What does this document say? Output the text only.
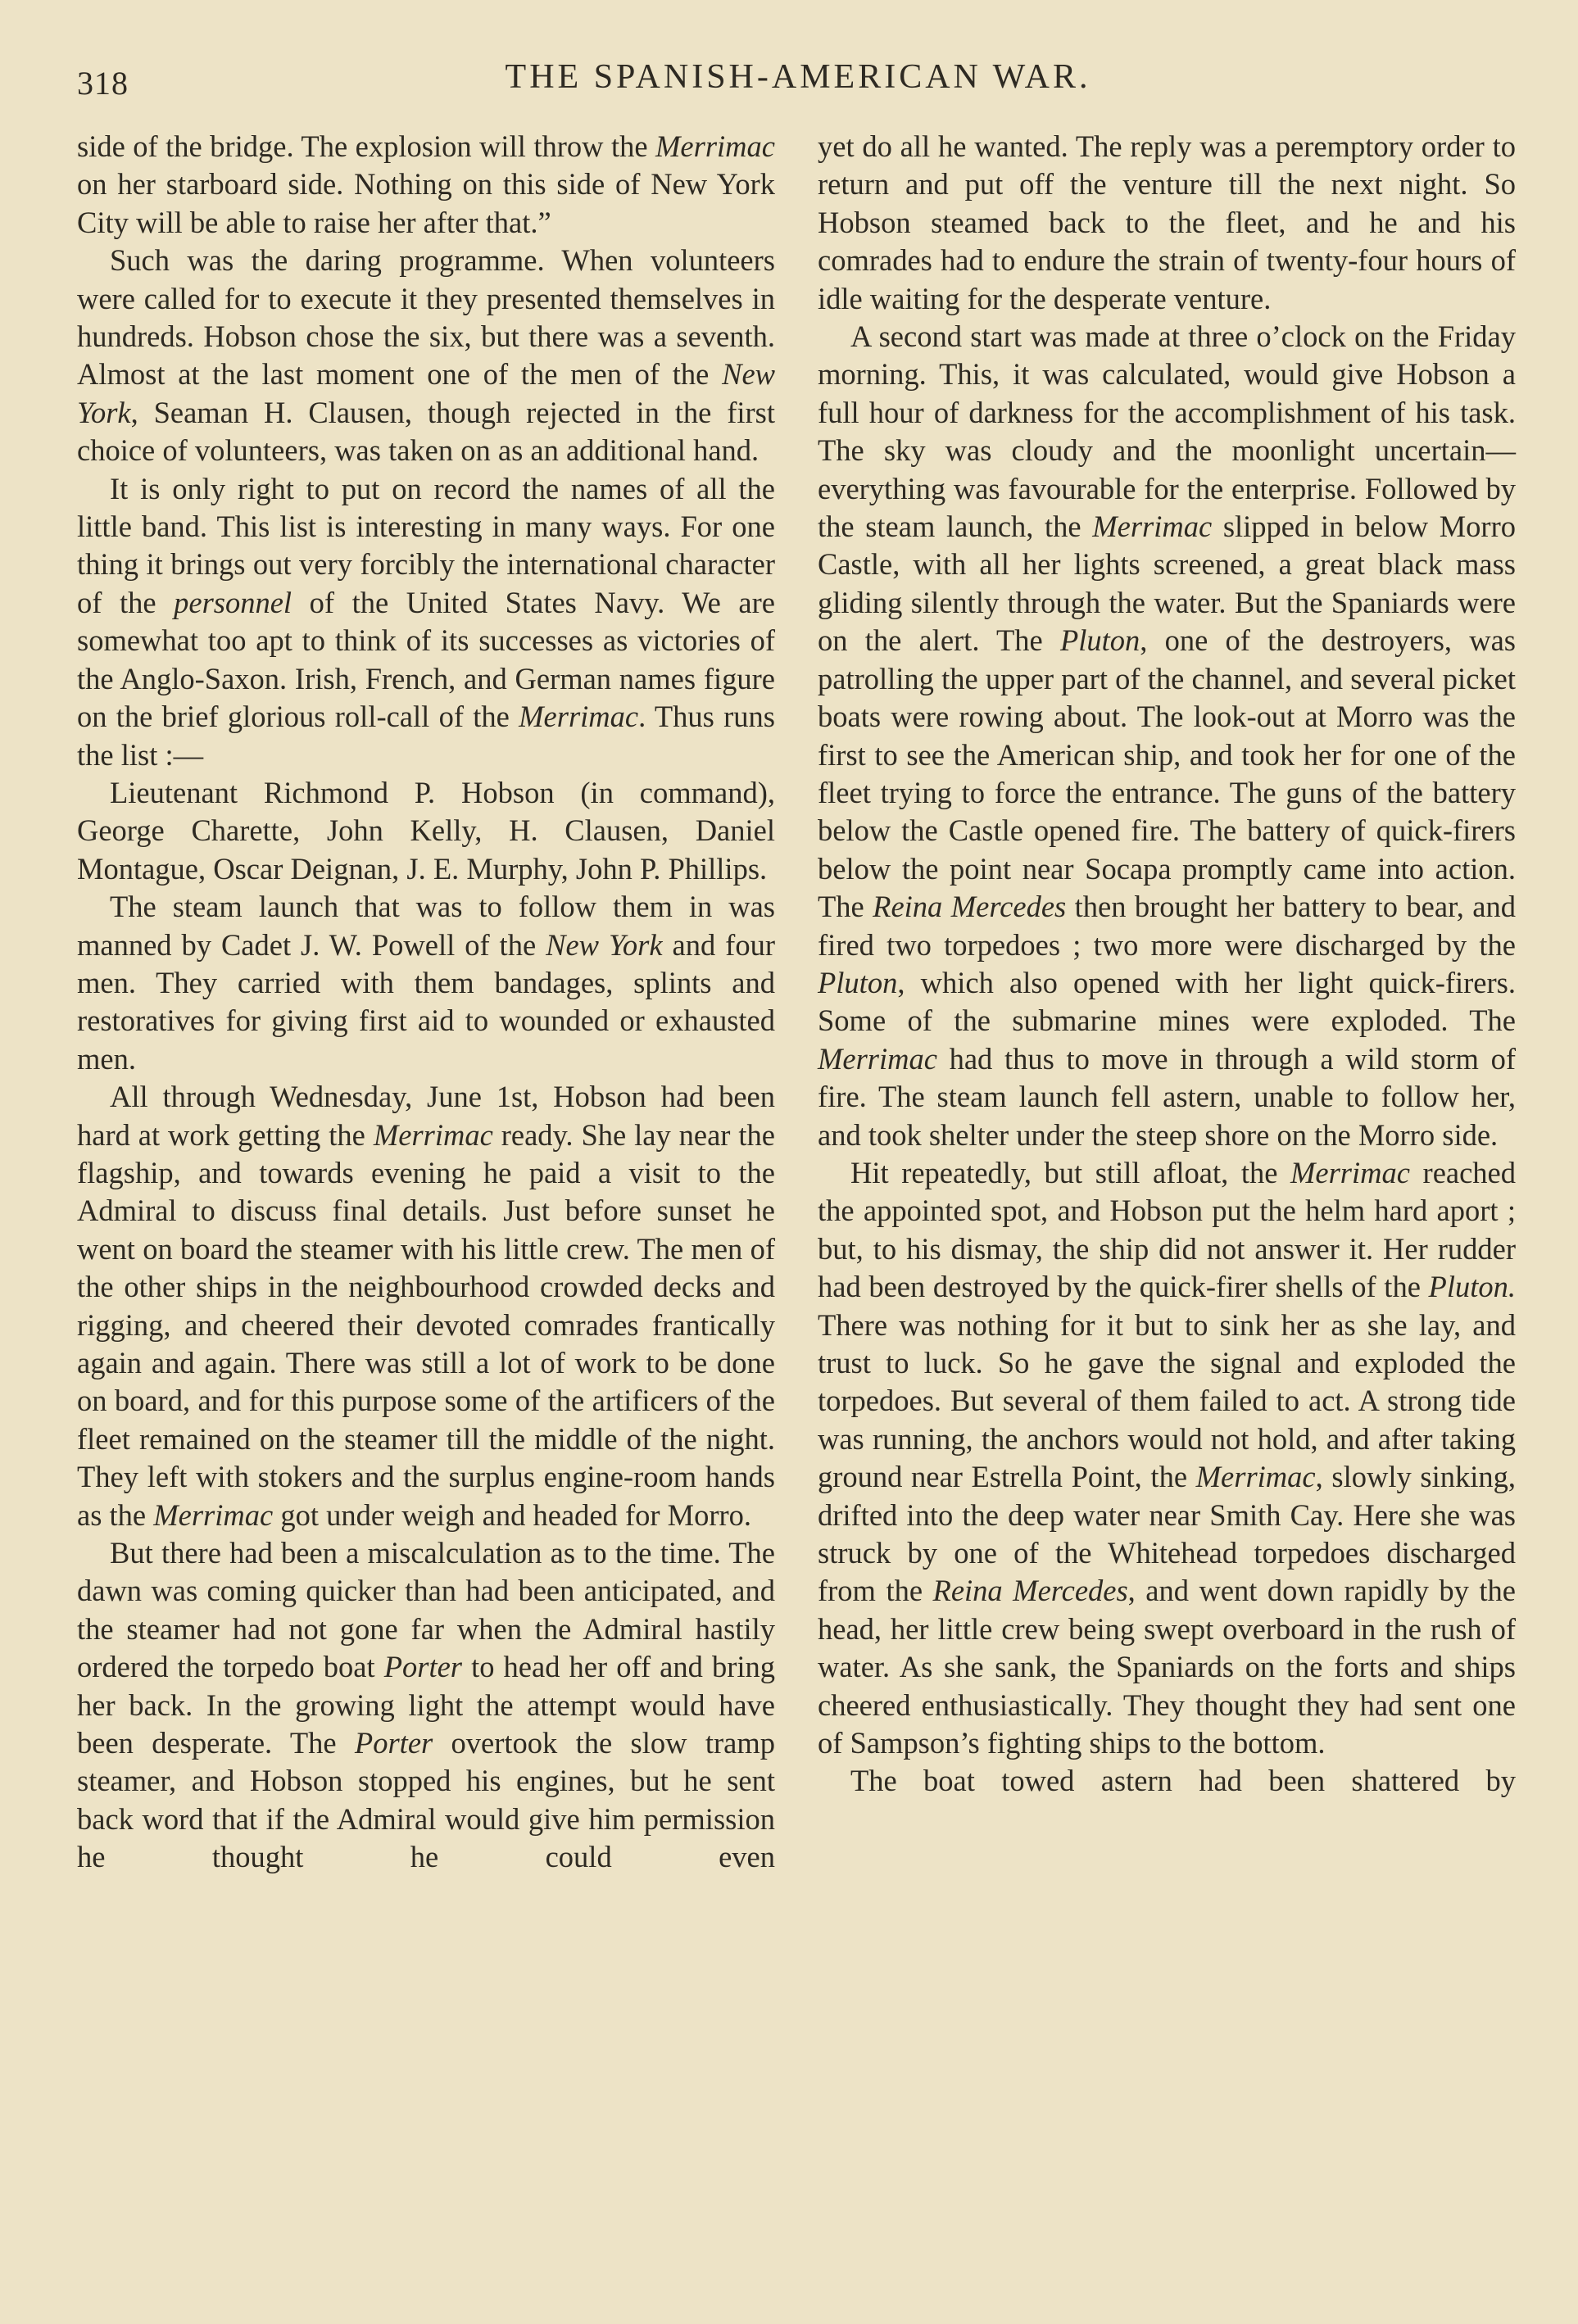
318	THE SPANISH-AMERICAN WAR.

side of the bridge. The explosion will throw the Merrimac on her starboard side. Nothing on this side of New York City will be able to raise her after that.”

Such was the daring programme. When volunteers were called for to execute it they presented themselves in hundreds. Hobson chose the six, but there was a seventh. Almost at the last moment one of the men of the New York, Seaman H. Clausen, though rejected in the first choice of volunteers, was taken on as an additional hand.

It is only right to put on record the names of all the little band. This list is interesting in many ways. For one thing it brings out very forcibly the international character of the personnel of the United States Navy. We are somewhat too apt to think of its successes as victories of the Anglo-Saxon. Irish, French, and German names figure on the brief glorious roll-call of the Merrimac. Thus runs the list :—

Lieutenant Richmond P. Hobson (in command), George Charette, John Kelly, H. Clausen, Daniel Montague, Oscar Deignan, J. E. Murphy, John P. Phillips.

The steam launch that was to follow them in was manned by Cadet J. W. Powell of the New York and four men. They carried with them bandages, splints and restoratives for giving first aid to wounded or exhausted men.

All through Wednesday, June 1st, Hobson had been hard at work getting the Merrimac ready. She lay near the flagship, and towards evening he paid a visit to the Admiral to discuss final details. Just before sunset he went on board the steamer with his little crew. The men of the other ships in the neighbourhood crowded decks and rigging, and cheered their devoted comrades frantically again and again. There was still a lot of work to be done on board, and for this purpose some of the artificers of the fleet remained on the steamer till the middle of the night. They left with stokers and the surplus engine-room hands as the Merrimac got under weigh and headed for Morro.

But there had been a miscalculation as to the time. The dawn was coming quicker than had been anticipated, and the steamer had not gone far when the Admiral hastily ordered the torpedo boat Porter to head her off and bring her back. In the growing light the attempt would have been desperate. The Porter overtook the slow tramp steamer, and Hobson stopped his engines, but he sent back word that if the Admiral would give him permission he thought he could even

yet do all he wanted. The reply was a peremptory order to return and put off the venture till the next night. So Hobson steamed back to the fleet, and he and his comrades had to endure the strain of twenty-four hours of idle waiting for the desperate venture.

A second start was made at three o’clock on the Friday morning. This, it was calculated, would give Hobson a full hour of darkness for the accomplishment of his task. The sky was cloudy and the moonlight uncertain—everything was favourable for the enterprise. Followed by the steam launch, the Merrimac slipped in below Morro Castle, with all her lights screened, a great black mass gliding silently through the water. But the Spaniards were on the alert. The Pluton, one of the destroyers, was patrolling the upper part of the channel, and several picket boats were rowing about. The look-out at Morro was the first to see the American ship, and took her for one of the fleet trying to force the entrance. The guns of the battery below the Castle opened fire. The battery of quick-firers below the point near Socapa promptly came into action. The Reina Mercedes then brought her battery to bear, and fired two torpedoes ; two more were discharged by the Pluton, which also opened with her light quick-firers. Some of the submarine mines were exploded. The Merrimac had thus to move in through a wild storm of fire. The steam launch fell astern, unable to follow her, and took shelter under the steep shore on the Morro side.

Hit repeatedly, but still afloat, the Merrimac reached the appointed spot, and Hobson put the helm hard aport ; but, to his dismay, the ship did not answer it. Her rudder had been destroyed by the quick-firer shells of the Pluton. There was nothing for it but to sink her as she lay, and trust to luck. So he gave the signal and exploded the torpedoes. But several of them failed to act. A strong tide was running, the anchors would not hold, and after taking ground near Estrella Point, the Merrimac, slowly sinking, drifted into the deep water near Smith Cay. Here she was struck by one of the Whitehead torpedoes discharged from the Reina Mercedes, and went down rapidly by the head, her little crew being swept overboard in the rush of water. As she sank, the Spaniards on the forts and ships cheered enthusiastically. They thought they had sent one of Sampson’s fighting ships to the bottom.

The boat towed astern had been shattered by
